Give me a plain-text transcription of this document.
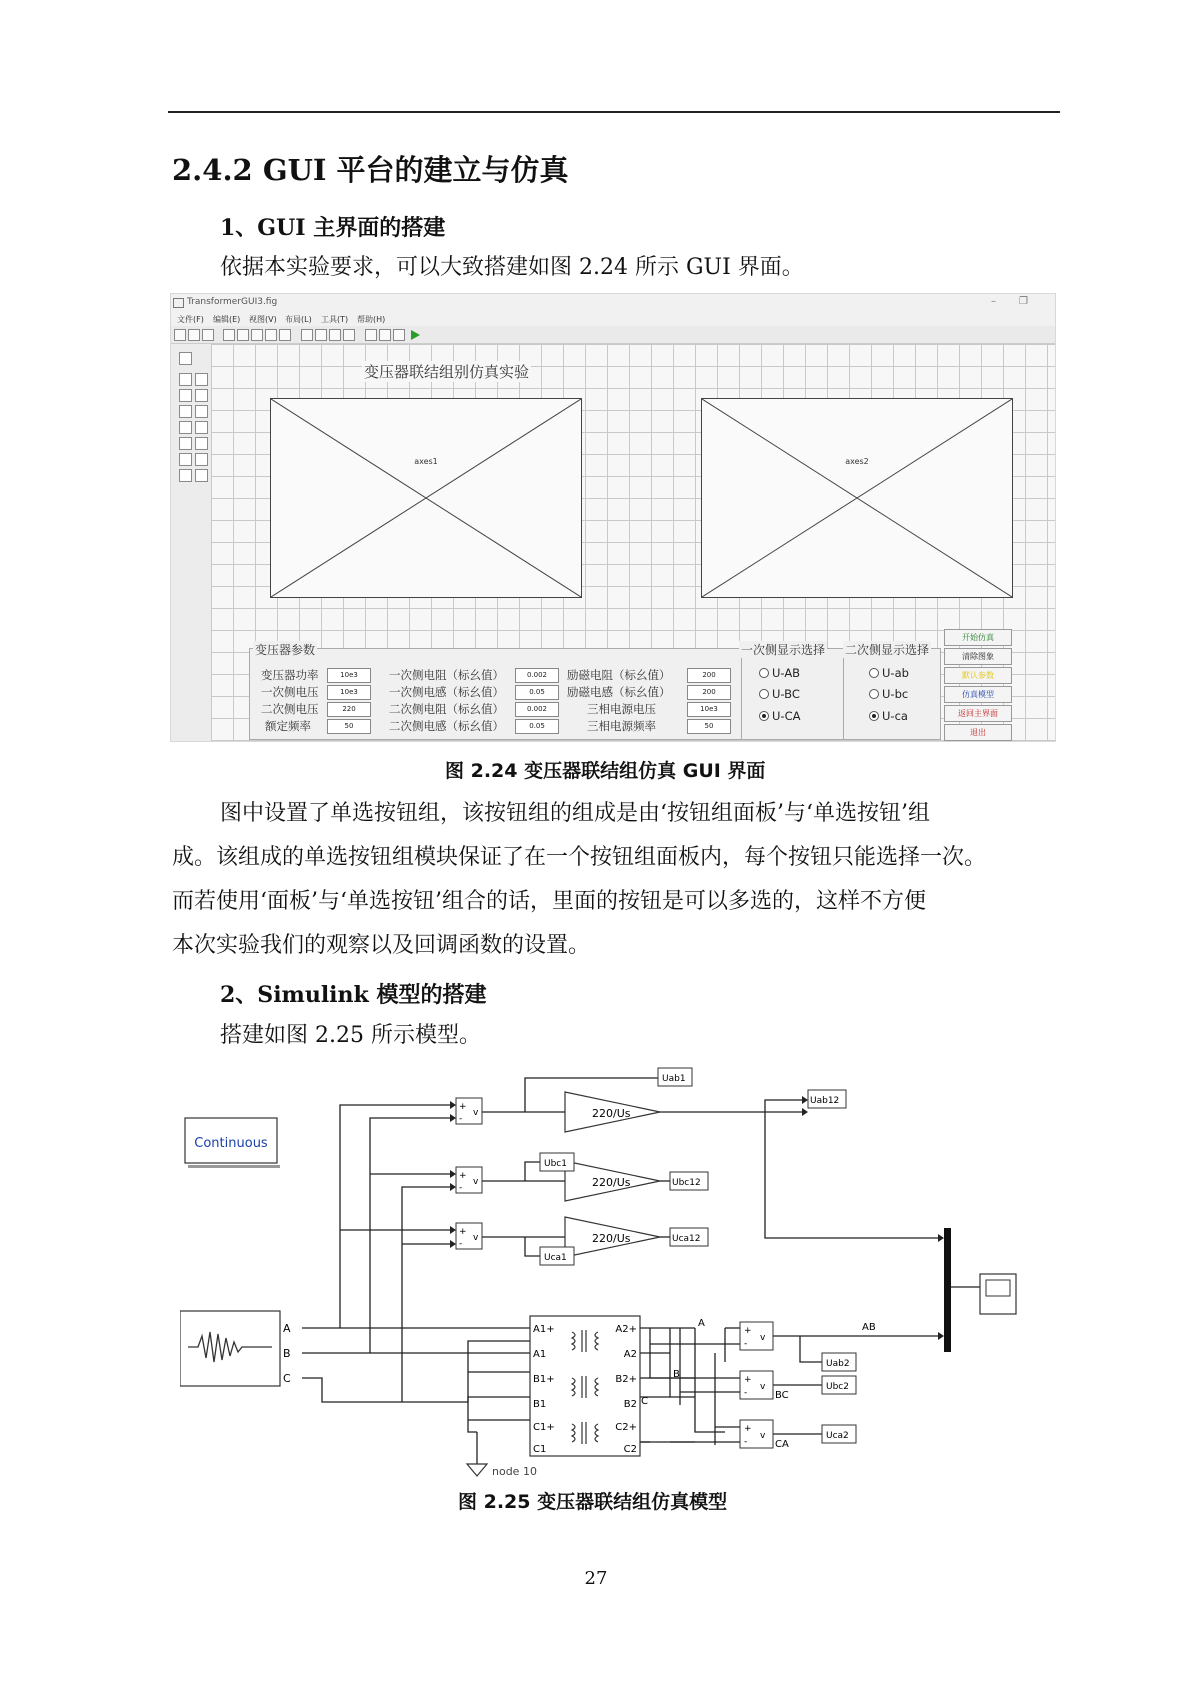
2.4.2 GUI 平台的建立与仿真
1、GUI 主界面的搭建
依据本实验要求，可以大致搭建如图 2.24 所示 GUI 界面。
TransformerGUI3.fig	– ❐
文件(F) 编辑(E) 视图(V) 布局(L) 工具(T) 帮助(H)
axes1	axes2
变压器参数
变压器功率
一次侧电压
二次侧电压
额定频率
10e3
10e3
220
50
一次侧电阻（标幺值）
一次侧电感（标幺值）
二次侧电阻（标幺值）
二次侧电感（标幺值）
0.002
0.05
0.002
0.05
励磁电阻（标幺值）
励磁电感（标幺值）
三相电源电压
三相电源频率
200
200
10e3
50
一次侧显示选择
U-AB
U-BC
U-CA
二次侧显示选择
U-ab
U-bc
U-ca
开始仿真
清除图象
默认参数
仿真模型
返回主界面
退出
变压器联结组别仿真实验
图 2.24 变压器联结组仿真 GUI 界面
图中设置了单选按钮组，该按钮组的组成是由‘按钮组面板’与‘单选按钮’组
成。该组成的单选按钮组模块保证了在一个按钮组面板内，每个按钮只能选择一次。
而若使用‘面板’与‘单选按钮’组合的话，里面的按钮是可以多选的，这样不方便
本次实验我们的观察以及回调函数的设置。
2、Simulink 模型的搭建
搭建如图 2.25 所示模型。
Continuous
A
B
C
+
-
v
+
-
v
+
-
v
220/Us
220/Us
220/Us
Uab1
Uab12
Ubc1
Ubc12
Uca1
Uca12
A1+
A1
B1+
B1
C1+
C1
A2+
A2
B2+
B2
C2+
C2
A
B
C
+
-
v
+
-
v
+
-
v
AB
BC
CA
Uab2
Ubc2
Uca2
node 10
图 2.25 变压器联结组仿真模型
27
